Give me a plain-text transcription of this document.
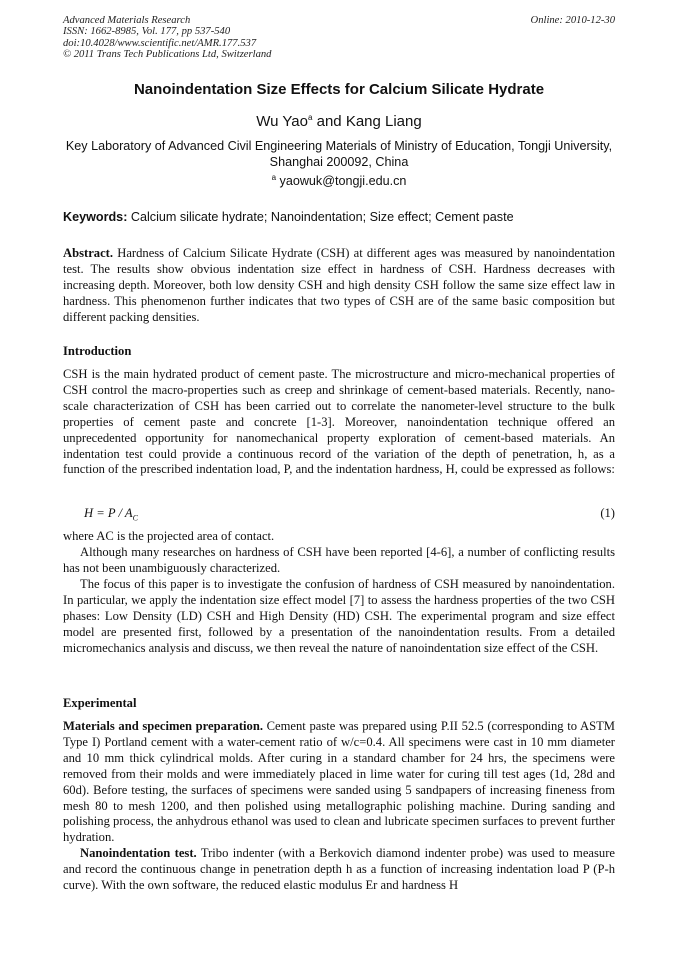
Advanced Materials Research
ISSN: 1662-8985, Vol. 177, pp 537-540
doi:10.4028/www.scientific.net/AMR.177.537
© 2011 Trans Tech Publications Ltd, Switzerland
Online: 2010-12-30
Nanoindentation Size Effects for Calcium Silicate Hydrate
Wu Yao$^a$ and Kang Liang
Key Laboratory of Advanced Civil Engineering Materials of Ministry of Education, Tongji University, Shanghai 200092, China
$^a$ yaowuk@tongji.edu.cn
Keywords: Calcium silicate hydrate; Nanoindentation; Size effect; Cement paste
Abstract. Hardness of Calcium Silicate Hydrate (CSH) at different ages was measured by nanoindentation test. The results show obvious indentation size effect in hardness of CSH. Hardness decreases with increasing depth. Moreover, both low density CSH and high density CSH follow the same size effect law in hardness. This phenomenon further indicates that two types of CSH are of the same basic composition but different packing densities.
Introduction
CSH is the main hydrated product of cement paste. The microstructure and micro-mechanical properties of CSH control the macro-properties such as creep and shrinkage of cement-based materials. Recently, nano-scale characterization of CSH has been carried out to correlate the nanometer-level structure to the bulk properties of cement paste and concrete [1-3]. Moreover, nanoindentation technique offered an unprecedented opportunity for nanomechanical property exploration of cement-based materials. An indentation test could provide a continuous record of the variation of the depth of penetration, h, as a function of the prescribed indentation load, P, and the indentation hardness, H, could be expressed as follows:
$H = P / A_C$	(1)
where AC is the projected area of contact.
Although many researches on hardness of CSH have been reported [4-6], a number of conflicting results has not been unambiguously characterized.
The focus of this paper is to investigate the confusion of hardness of CSH measured by nanoindentation. In particular, we apply the indentation size effect model [7] to assess the hardness properties of the two CSH phases: Low Density (LD) CSH and High Density (HD) CSH. The experimental program and size effect model are presented first, followed by a presentation of the nanoindentation results. From a detailed micromechanics analysis and discuss, we then reveal the nature of nanoindentation size effect of the CSH.
Experimental
Materials and specimen preparation. Cement paste was prepared using P.II 52.5 (corresponding to ASTM Type I) Portland cement with a water-cement ratio of w/c=0.4. All specimens were cast in 10 mm diameter and 10 mm thick cylindrical molds. After curing in a standard chamber for 24 hrs, the specimens were removed from their molds and were immediately placed in lime water for curing till test ages (1d, 28d and 60d). Before testing, the surfaces of specimens were sanded using 5 sandpapers of increasing fineness from mesh 80 to mesh 1200, and then polished using metallographic polishing machine. During sanding and polishing process, the anhydrous ethanol was used to clean and lubricate specimen surfaces to prevent further hydration.
Nanoindentation test. Tribo indenter (with a Berkovich diamond indenter probe) was used to measure and record the continuous change in penetration depth h as a function of increasing indentation load P (P-h curve). With the own software, the reduced elastic modulus Er and hardness H
